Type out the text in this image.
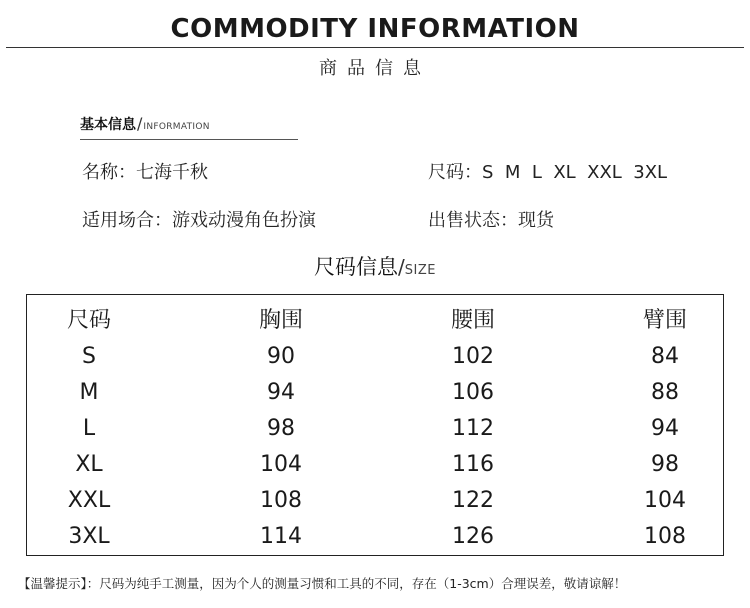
COMMODITY INFORMATION
商品信息
基本信息/INFORMATION
名称：七海千秋	尺码：S  M  L  XL  XXL  3XL
适用场合：游戏动漫角色扮演	出售状态：现货
尺码信息/SIZE
尺码	胸围	腰围	臂围
S	90	102	84
M	94	106	88
L	98	112	94
XL	104	116	98
XXL	108	122	104
3XL	114	126	108
【温馨提示】：尺码为纯手工测量，因为个人的测量习惯和工具的不同，存在（1-3cm）合理误差，敬请谅解！
